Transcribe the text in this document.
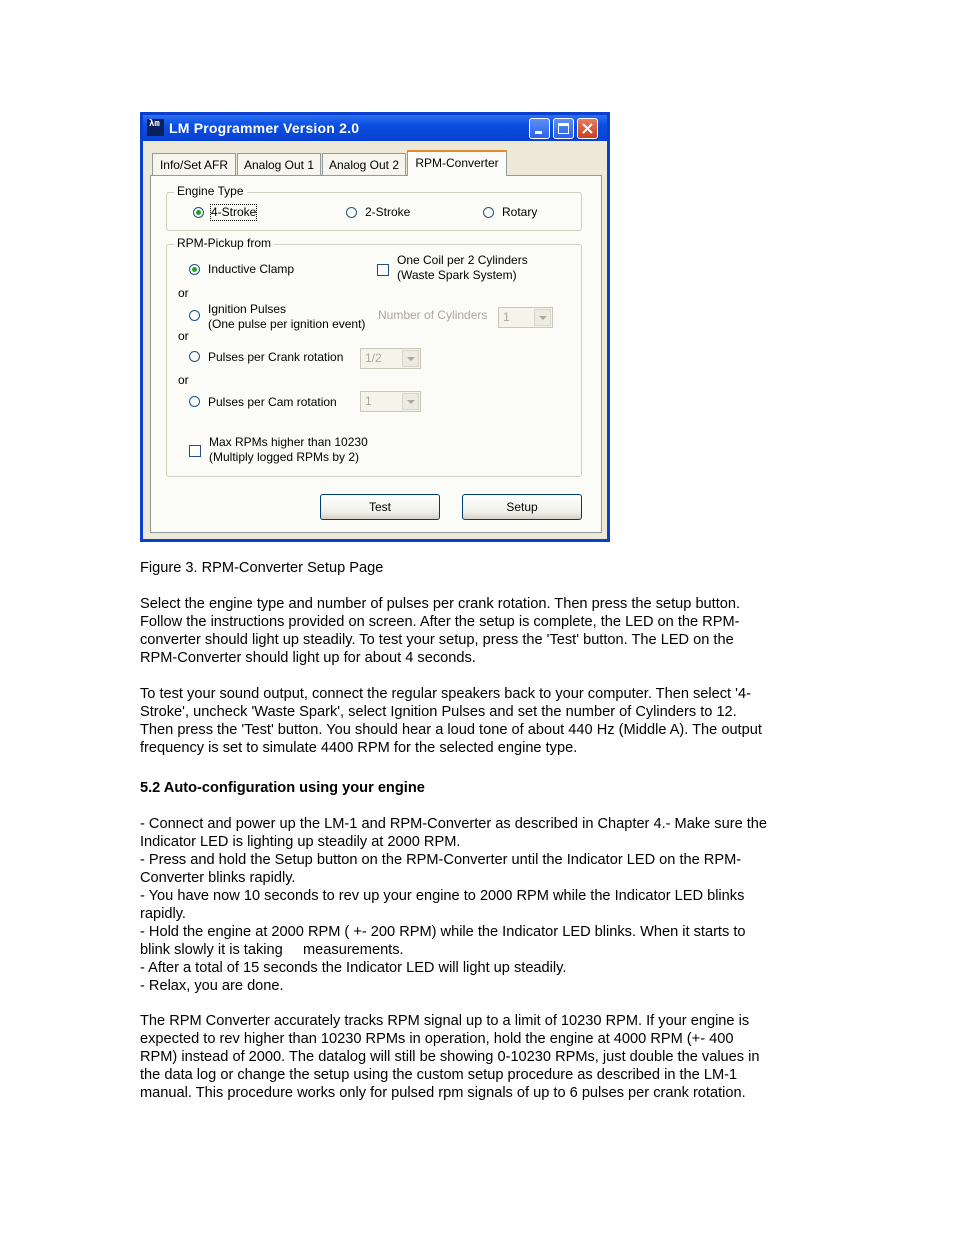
λm LM Programmer Version 2.0
Info/Set AFR	Analog Out 1	Analog Out 2	RPM-Converter
Engine Type
4-Stroke	2-Stroke	Rotary
RPM-Pickup from
Inductive Clamp
One Coil per 2 Cylinders
(Waste Spark System)
or
Ignition Pulses
(One pulse per ignition event)
Number of Cylinders	1
or
Pulses per Crank rotation	1/2
or
Pulses per Cam rotation	1
Max RPMs higher than 10230
(Multiply logged RPMs by 2)
Test	Setup

Figure 3. RPM-Converter Setup Page

Select the engine type and number of pulses per crank rotation. Then press the setup button.
Follow the instructions provided on screen. After the setup is complete, the LED on the RPM-
converter should light up steadily. To test your setup, press the 'Test' button. The LED on the
RPM-Converter should light up for about 4 seconds.
To test your sound output, connect the regular speakers back to your computer. Then select '4-
Stroke', uncheck 'Waste Spark', select Ignition Pulses and set the number of Cylinders to 12.
Then press the 'Test' button. You should hear a loud tone of about 440 Hz (Middle A). The output
frequency is set to simulate 4400 RPM for the selected engine type.

5.2 Auto-configuration using your engine

- Connect and power up the LM-1 and RPM-Converter as described in Chapter 4.- Make sure the
Indicator LED is lighting up steadily at 2000 RPM.
- Press and hold the Setup button on the RPM-Converter until the Indicator LED on the RPM-
Converter blinks rapidly.
- You have now 10 seconds to rev up your engine to 2000 RPM while the Indicator LED blinks
rapidly.
- Hold the engine at 2000 RPM ( +- 200 RPM) while the Indicator LED blinks. When it starts to
blink slowly it is taking     measurements.
- After a total of 15 seconds the Indicator LED will light up steadily.
- Relax, you are done.
The RPM Converter accurately tracks RPM signal up to a limit of 10230 RPM. If your engine is
expected to rev higher than 10230 RPMs in operation, hold the engine at 4000 RPM (+- 400
RPM) instead of 2000. The datalog will still be showing 0-10230 RPMs, just double the values in
the data log or change the setup using the custom setup procedure as described in the LM-1
manual. This procedure works only for pulsed rpm signals of up to 6 pulses per crank rotation.
